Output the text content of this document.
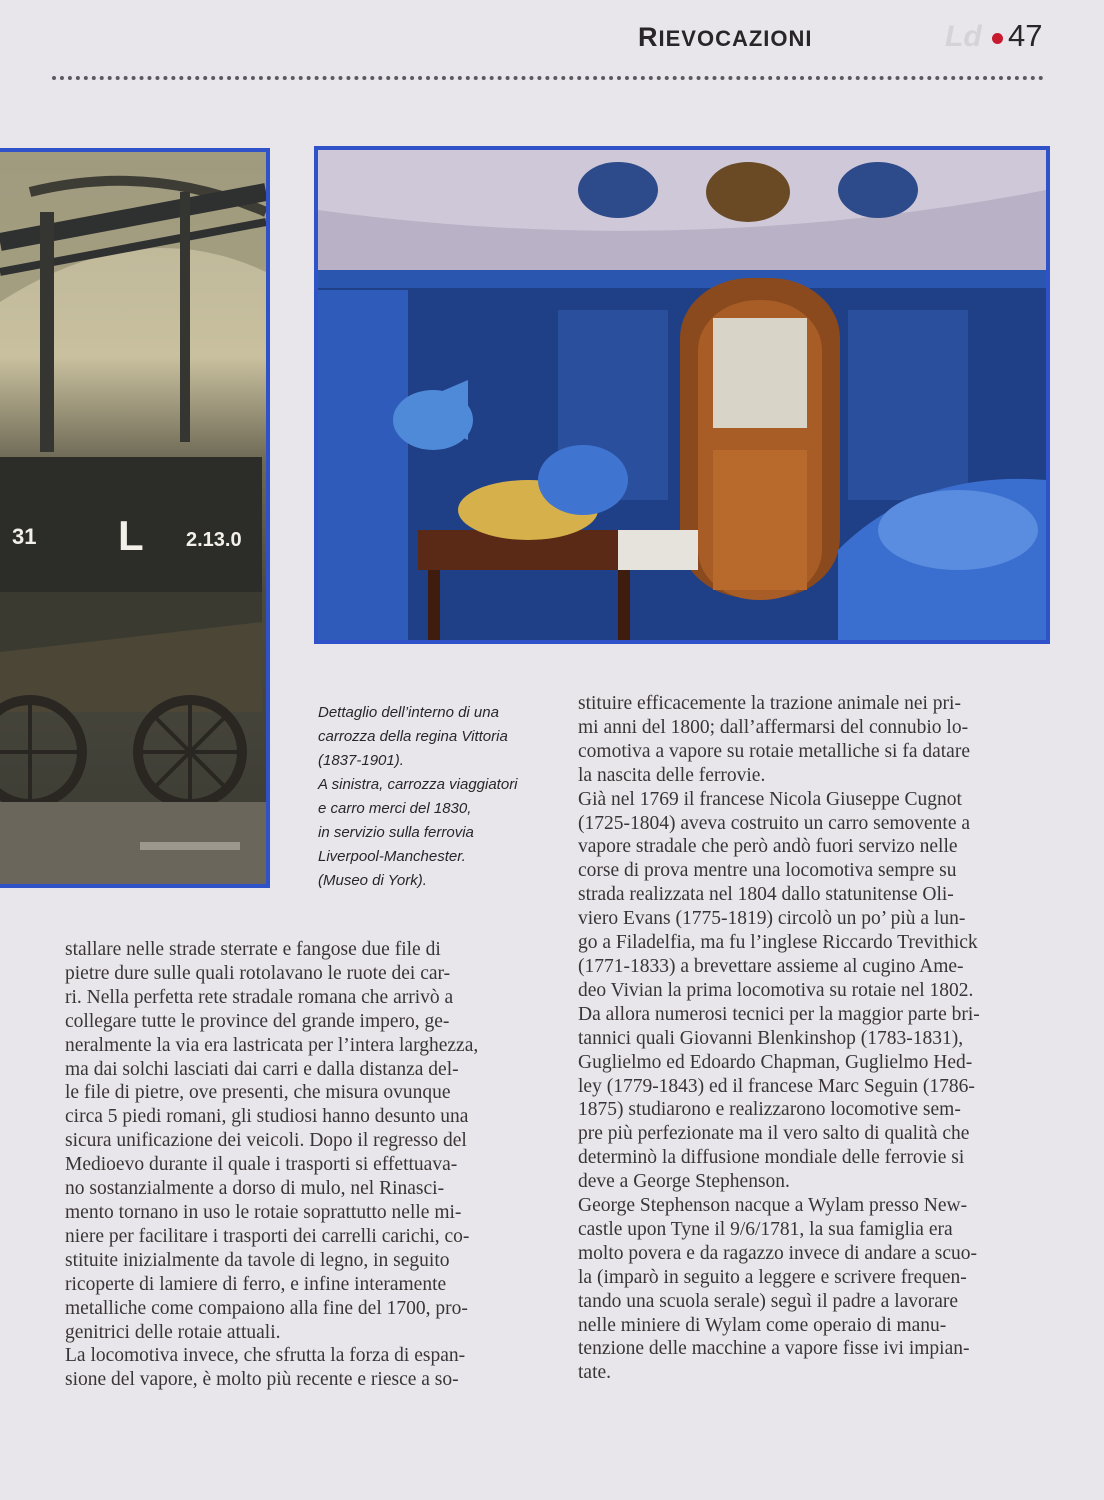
RIEVOCAZIONI	Ld 47
31 L 2.13.0

Dettaglio dell’interno di una

carrozza della regina Vittoria

(1837-1901).

A sinistra, carrozza viaggiatori

e carro merci del 1830,

in servizio sulla ferrovia

Liverpool-Manchester.

(Museo di York).

stallare nelle strade sterrate e fangose due file di

pietre dure sulle quali rotolavano le ruote dei car-

ri. Nella perfetta rete stradale romana che arrivò a

collegare tutte le province del grande impero, ge-

neralmente la via era lastricata per l’intera larghezza,

ma dai solchi lasciati dai carri e dalla distanza del-

le file di pietre, ove presenti, che misura ovunque

circa 5 piedi romani, gli studiosi hanno desunto una

sicura unificazione dei veicoli. Dopo il regresso del

Medioevo durante il quale i trasporti si effettuava-

no sostanzialmente a dorso di mulo, nel Rinasci-

mento tornano in uso le rotaie soprattutto nelle mi-

niere per facilitare i trasporti dei carrelli carichi, co-

stituite inizialmente da tavole di legno, in seguito

ricoperte di lamiere di ferro, e infine interamente

metalliche come compaiono alla fine del 1700, pro-

genitrici delle rotaie attuali.

La locomotiva invece, che sfrutta la forza di espan-

sione del vapore, è molto più recente e riesce a so-

stituire efficacemente la trazione animale nei pri-

mi anni del 1800; dall’affermarsi del connubio lo-

comotiva a vapore su rotaie metalliche si fa datare

la nascita delle ferrovie.

Già nel 1769 il francese Nicola Giuseppe Cugnot

(1725-1804) aveva costruito un carro semovente a

vapore stradale che però andò fuori servizo nelle

corse di prova mentre una locomotiva sempre su

strada realizzata nel 1804 dallo statunitense Oli-

viero Evans (1775-1819) circolò un po’ più a lun-

go a Filadelfia, ma fu l’inglese Riccardo Trevithick

(1771-1833) a brevettare assieme al cugino Ame-

deo Vivian la prima locomotiva su rotaie nel 1802.

Da allora numerosi tecnici per la maggior parte bri-

tannici quali Giovanni Blenkinshop (1783-1831),

Guglielmo ed Edoardo Chapman, Guglielmo Hed-

ley (1779-1843) ed il francese Marc Seguin (1786-

1875) studiarono e realizzarono locomotive sem-

pre più perfezionate ma il vero salto di qualità che

determinò la diffusione mondiale delle ferrovie si

deve a George Stephenson.

George Stephenson nacque a Wylam presso New-

castle upon Tyne il 9/6/1781, la sua famiglia era

molto povera e da ragazzo invece di andare a scuo-

la (imparò in seguito a leggere e scrivere frequen-

tando una scuola serale) seguì il padre a lavorare

nelle miniere di Wylam come operaio di manu-

tenzione delle macchine a vapore fisse ivi impian-

tate.
